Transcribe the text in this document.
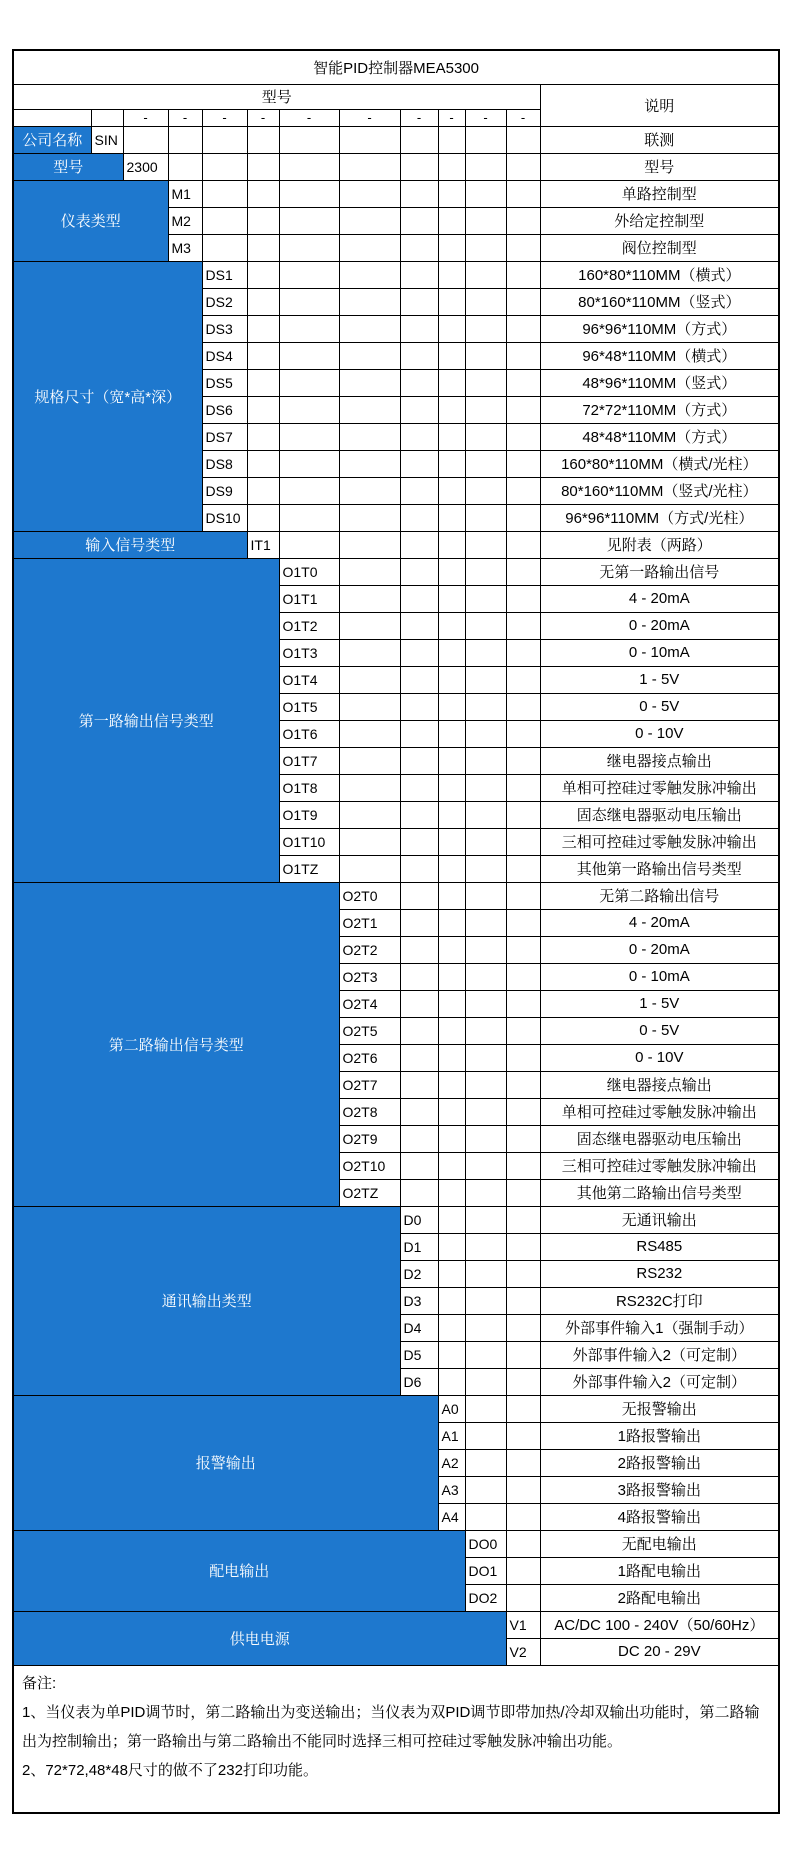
智能PID控制器MEA5300												
型号												说明
		-	-	-	-	-	-	-	-	-	-	
公司名称	SIN											联测
型号		2300										型号
仪表类型			M1									单路控制型
			M2									外给定控制型
			M3									阀位控制型
规格尺寸（宽*高*深）				DS1								160*80*110MM（横式）
				DS2								80*160*110MM（竖式）
				DS3								96*96*110MM（方式）
				DS4								96*48*110MM（横式）
				DS5								48*96*110MM（竖式）
				DS6								72*72*110MM（方式）
				DS7								48*48*110MM（方式）
				DS8								160*80*110MM（横式/光柱）
				DS9								80*160*110MM（竖式/光柱）
				DS10								96*96*110MM（方式/光柱）
输入信号类型					IT1							见附表（两路）
第一路输出信号类型						O1T0						无第一路输出信号
						O1T1						4 - 20mA
						O1T2						0 - 20mA
						O1T3						0 - 10mA
						O1T4						1 - 5V
						O1T5						0 - 5V
						O1T6						0 - 10V
						O1T7						继电器接点输出
						O1T8						单相可控硅过零触发脉冲输出
						O1T9						固态继电器驱动电压输出
						O1T10						三相可控硅过零触发脉冲输出
						O1TZ						其他第一路输出信号类型
第二路输出信号类型							O2T0					无第二路输出信号
							O2T1					4 - 20mA
							O2T2					0 - 20mA
							O2T3					0 - 10mA
							O2T4					1 - 5V
							O2T5					0 - 5V
							O2T6					0 - 10V
							O2T7					继电器接点输出
							O2T8					单相可控硅过零触发脉冲输出
							O2T9					固态继电器驱动电压输出
							O2T10					三相可控硅过零触发脉冲输出
							O2TZ					其他第二路输出信号类型
通讯输出类型								D0				无通讯输出
								D1				RS485
								D2				RS232
								D3				RS232C打印
								D4				外部事件输入1（强制手动）
								D5				外部事件输入2（可定制）
								D6				外部事件输入2（可定制）
报警输出									A0			无报警输出
									A1			1路报警输出
									A2			2路报警输出
									A3			3路报警输出
									A4			4路报警输出
配电输出										DO0		无配电输出
										DO1		1路配电输出
										DO2		2路配电输出
供电电源											V1	AC/DC 100 - 240V（50/60Hz）
											V2	DC 20 - 29V

备注:
1、当仪表为单PID调节时，第二路输出为变送输出；当仪表为双PID调节即带加热/冷却双输出功能时，第二路输出为控制输出；第一路输出与第二路输出不能同时选择三相可控硅过零触发脉冲输出功能。
2、72*72,48*48尺寸的做不了232打印功能。												
